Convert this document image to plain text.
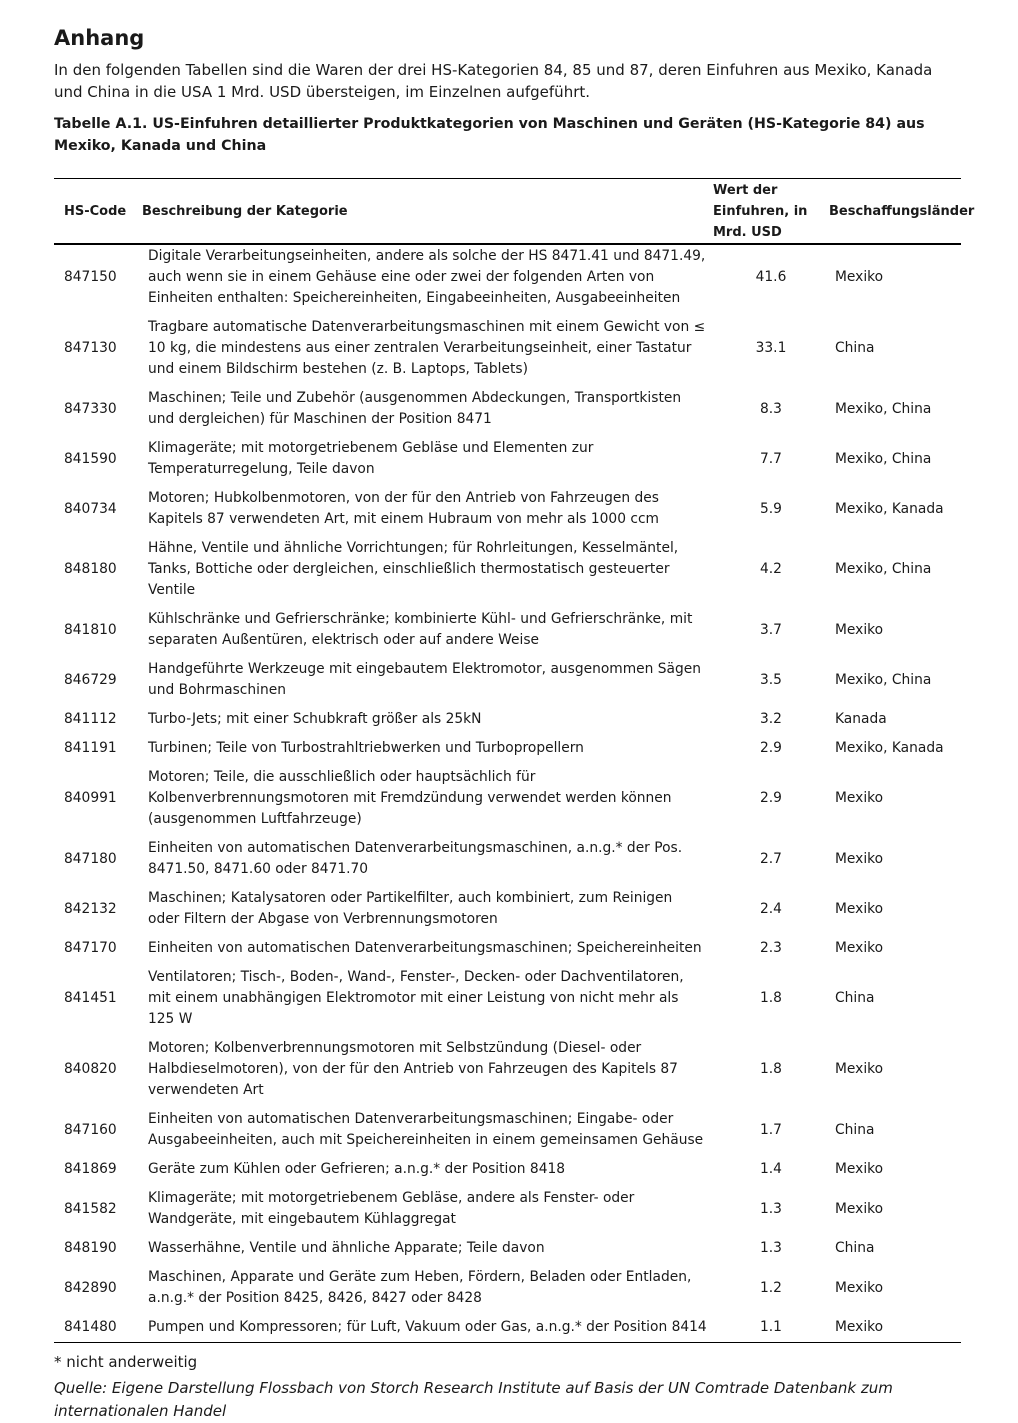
Anhang

In den folgenden Tabellen sind die Waren der drei HS-Kategorien 84, 85 und 87, deren Einfuhren aus Mexiko, Kanada und China in die USA 1 Mrd. USD übersteigen, im Einzelnen aufgeführt.

Tabelle A.1. US-Einfuhren detaillierter Produktkategorien von Maschinen und Geräten (HS-Kategorie 84) aus Mexiko, Kanada und China

HS-Code	Beschreibung der Kategorie	Wert der Einfuhren, in Mrd. USD	Beschaffungsländer
847150	Digitale Verarbeitungseinheiten, andere als solche der HS 8471.41 und 8471.49, auch wenn sie in einem Gehäuse eine oder zwei der folgenden Arten von Einheiten enthalten: Speichereinheiten, Eingabeeinheiten, Ausgabeeinheiten	41.6	Mexiko
847130	Tragbare automatische Datenverarbeitungsmaschinen mit einem Gewicht von ≤ 10 kg, die mindestens aus einer zentralen Verarbeitungseinheit, einer Tastatur und einem Bildschirm bestehen (z. B. Laptops, Tablets)	33.1	China
847330	Maschinen; Teile und Zubehör (ausgenommen Abdeckungen, Transportkisten und dergleichen) für Maschinen der Position 8471	8.3	Mexiko, China
841590	Klimageräte; mit motorgetriebenem Gebläse und Elementen zur Temperaturregelung, Teile davon	7.7	Mexiko, China
840734	Motoren; Hubkolbenmotoren, von der für den Antrieb von Fahrzeugen des Kapitels 87 verwendeten Art, mit einem Hubraum von mehr als 1000 ccm	5.9	Mexiko, Kanada
848180	Hähne, Ventile und ähnliche Vorrichtungen; für Rohrleitungen, Kesselmäntel, Tanks, Bottiche oder dergleichen, einschließlich thermostatisch gesteuerter Ventile	4.2	Mexiko, China
841810	Kühlschränke und Gefrierschränke; kombinierte Kühl- und Gefrierschränke, mit separaten Außentüren, elektrisch oder auf andere Weise	3.7	Mexiko
846729	Handgeführte Werkzeuge mit eingebautem Elektromotor, ausgenommen Sägen und Bohrmaschinen	3.5	Mexiko, China
841112	Turbo-Jets; mit einer Schubkraft größer als 25kN	3.2	Kanada
841191	Turbinen; Teile von Turbostrahltriebwerken und Turbopropellern	2.9	Mexiko, Kanada
840991	Motoren; Teile, die ausschließlich oder hauptsächlich für Kolbenverbrennungsmotoren mit Fremdzündung verwendet werden können (ausgenommen Luftfahrzeuge)	2.9	Mexiko
847180	Einheiten von automatischen Datenverarbeitungsmaschinen, a.n.g.* der Pos. 8471.50, 8471.60 oder 8471.70	2.7	Mexiko
842132	Maschinen; Katalysatoren oder Partikelfilter, auch kombiniert, zum Reinigen oder Filtern der Abgase von Verbrennungsmotoren	2.4	Mexiko
847170	Einheiten von automatischen Datenverarbeitungsmaschinen; Speichereinheiten	2.3	Mexiko
841451	Ventilatoren; Tisch-, Boden-, Wand-, Fenster-, Decken- oder Dachventilatoren, mit einem unabhängigen Elektromotor mit einer Leistung von nicht mehr als 125 W	1.8	China
840820	Motoren; Kolbenverbrennungsmotoren mit Selbstzündung (Diesel- oder Halbdieselmotoren), von der für den Antrieb von Fahrzeugen des Kapitels 87 verwendeten Art	1.8	Mexiko
847160	Einheiten von automatischen Datenverarbeitungsmaschinen; Eingabe- oder Ausgabeeinheiten, auch mit Speichereinheiten in einem gemeinsamen Gehäuse	1.7	China
841869	Geräte zum Kühlen oder Gefrieren; a.n.g.* der Position 8418	1.4	Mexiko
841582	Klimageräte; mit motorgetriebenem Gebläse, andere als Fenster- oder Wandgeräte, mit eingebautem Kühlaggregat	1.3	Mexiko
848190	Wasserhähne, Ventile und ähnliche Apparate; Teile davon	1.3	China
842890	Maschinen, Apparate und Geräte zum Heben, Fördern, Beladen oder Entladen, a.n.g.* der Position 8425, 8426, 8427 oder 8428	1.2	Mexiko
841480	Pumpen und Kompressoren; für Luft, Vakuum oder Gas, a.n.g.* der Position 8414	1.1	Mexiko

* nicht anderweitig

Quelle: Eigene Darstellung Flossbach von Storch Research Institute auf Basis der UN Comtrade Datenbank zum internationalen Handel
